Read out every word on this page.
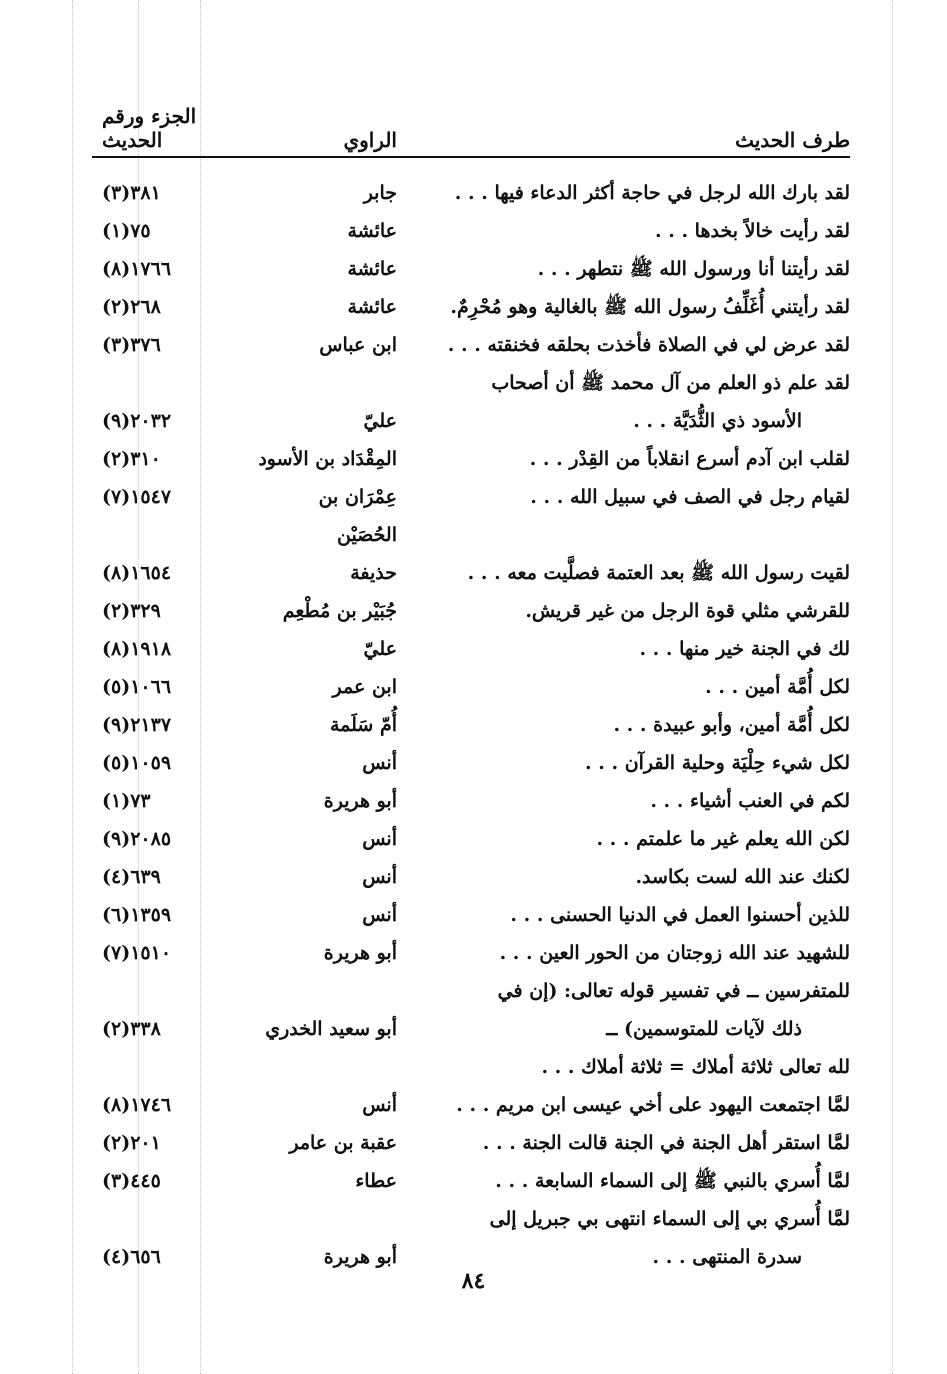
طرف الحديث
الراوي
الجزء ورقم الحديث
لقد بارك الله لرجل في حاجة أكثر الدعاء فيها . . .
جابر
٣٨١(٣)
لقد رأيت خالاً بخدها . . .
عائشة
٧٥(١)
لقد رأيتنا أنا ورسول الله ﷺ نتطهر . . .
عائشة
١٧٦٦(٨)
لقد رأيتني أُغَلِّفُ رسول الله ﷺ بالغالية وهو مُحْرِمٌ.
عائشة
٢٦٨(٢)
لقد عرض لي في الصلاة فأخذت بحلقه فخنقته . . .
ابن عباس
٣٧٦(٣)
لقد علم ذو العلم من آل محمد ﷺ أن أصحاب
الأسود ذي الثُّدَيَّة . . .
عليّ
٢٠٣٢(٩)
لقلب ابن آدم أسرع انقلاباً من القِدْر . . .
المِقْدَاد بن الأسود
٣١٠(٢)
لقيام رجل في الصف في سبيل الله . . .
عِمْرَان بن الحُصَيْن
١٥٤٧(٧)
لقيت رسول الله ﷺ بعد العتمة فصلَّيت معه . . .
حذيفة
١٦٥٤(٨)
للقرشي مثلي قوة الرجل من غير قريش.
جُبَيْر بن مُطْعِم
٣٢٩(٢)
لك في الجنة خير منها . . .
عليّ
١٩١٨(٨)
لكل أُمَّة أمين . . .
ابن عمر
١٠٦٦(٥)
لكل أُمَّة أمين، وأبو عبيدة . . .
أُمّ سَلَمة
٢١٣٧(٩)
لكل شيء حِلْيَة وحلية القرآن . . .
أنس
١٠٥٩(٥)
لكم في العنب أشياء . . .
أبو هريرة
٧٣(١)
لكن الله يعلم غير ما علمتم . . .
أنس
٢٠٨٥(٩)
لكنك عند الله لست بكاسد.
أنس
٦٣٩(٤)
للذين أحسنوا العمل في الدنيا الحسنى . . .
أنس
١٣٥٩(٦)
للشهيد عند الله زوجتان من الحور العين . . .
أبو هريرة
١٥١٠(٧)
للمتفرسين ــ في تفسير قوله تعالى: (إن في
ذلك لآيات للمتوسمين) ــ
أبو سعيد الخدري
٣٣٨(٢)
لله تعالى ثلاثة أملاك = ثلاثة أملاك . . .
لمَّا اجتمعت اليهود على أخي عيسى ابن مريم . . .
أنس
١٧٤٦(٨)
لمَّا استقر أهل الجنة في الجنة قالت الجنة . . .
عقبة بن عامر
٢٠١(٢)
لمَّا أُسري بالنبي ﷺ إلى السماء السابعة . . .
عطاء
٤٤٥(٣)
لمَّا أُسري بي إلى السماء انتهى بي جبريل إلى
سدرة المنتهى . . .
أبو هريرة
٦٥٦(٤)
٨٤
